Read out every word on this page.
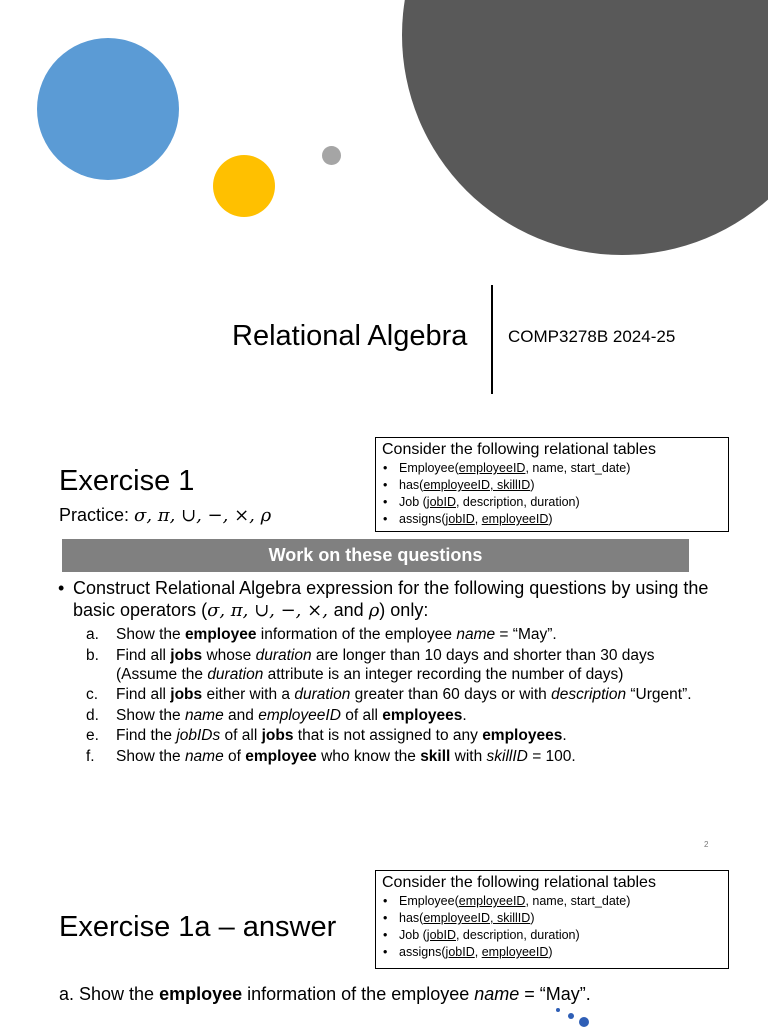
Relational Algebra COMP3278B 2024-25
Exercise 1
Practice: σ, π, ∪, −, ×, ρ
Consider the following relational tables
• Employee(employeeID, name, start_date)
• has(employeeID, skillID)
• Job (jobID, description, duration)
• assigns(jobID, employeeID)
Work on these questions
• Construct Relational Algebra expression for the following questions by using the basic operators (σ, π, ∪, −, ×, and ρ) only:
a. Show the employee information of the employee name = “May”.
b. Find all jobs whose duration are longer than 10 days and shorter than 30 days (Assume the duration attribute is an integer recording the number of days)
c. Find all jobs either with a duration greater than 60 days or with description “Urgent”.
d. Show the name and employeeID of all employees.
e. Find the jobIDs of all jobs that is not assigned to any employees.
f. Show the name of employee who know the skill with skillID = 100.
2
Consider the following relational tables
• Employee(employeeID, name, start_date)
• has(employeeID, skillID)
• Job (jobID, description, duration)
• assigns(jobID, employeeID)
Exercise 1a – answer
a. Show the employee information of the employee name = “May”.
